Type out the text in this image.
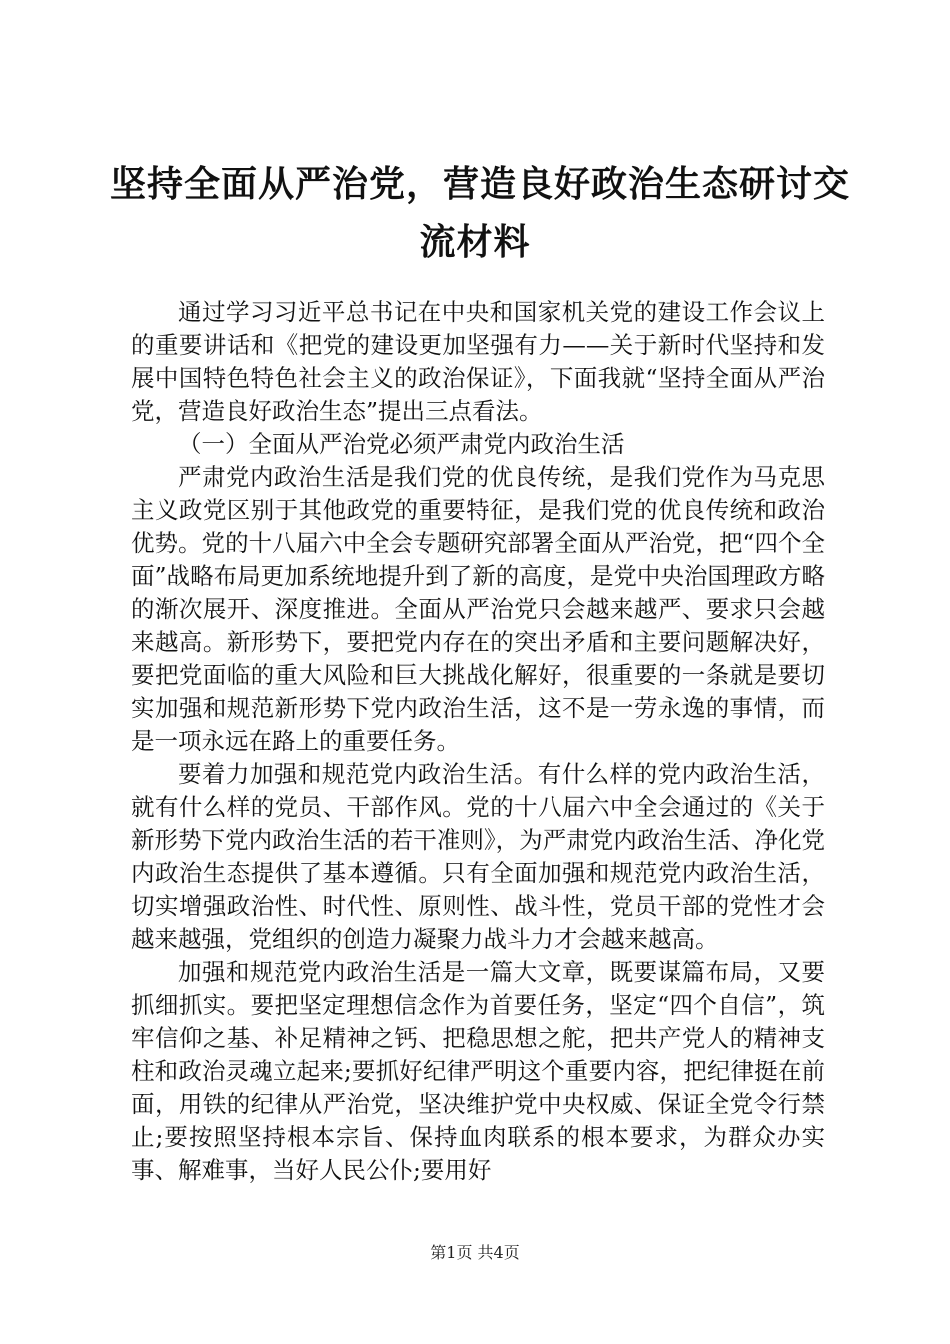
坚持全面从严治党，营造良好政治生态研讨交
流材料

通过学习习近平总书记在中央和国家机关党的建设工作会议上的重要讲话和《把党的建设更加坚强有力——关于新时代坚持和发展中国特色特色社会主义的政治保证》，下面我就“坚持全面从严治党，营造良好政治生态”提出三点看法。

（一）全面从严治党必须严肃党内政治生活

严肃党内政治生活是我们党的优良传统，是我们党作为马克思主义政党区别于其他政党的重要特征，是我们党的优良传统和政治优势。党的十八届六中全会专题研究部署全面从严治党，把“四个全面”战略布局更加系统地提升到了新的高度，是党中央治国理政方略的渐次展开、深度推进。全面从严治党只会越来越严、要求只会越来越高。新形势下，要把党内存在的突出矛盾和主要问题解决好，要把党面临的重大风险和巨大挑战化解好，很重要的一条就是要切实加强和规范新形势下党内政治生活，这不是一劳永逸的事情，而是一项永远在路上的重要任务。

要着力加强和规范党内政治生活。有什么样的党内政治生活，就有什么样的党员、干部作风。党的十八届六中全会通过的《关于新形势下党内政治生活的若干准则》，为严肃党内政治生活、净化党内政治生态提供了基本遵循。只有全面加强和规范党内政治生活，切实增强政治性、时代性、原则性、战斗性，党员干部的党性才会越来越强，党组织的创造力凝聚力战斗力才会越来越高。

加强和规范党内政治生活是一篇大文章，既要谋篇布局，又要抓细抓实。要把坚定理想信念作为首要任务，坚定“四个自信”，筑牢信仰之基、补足精神之钙、把稳思想之舵，把共产党人的精神支柱和政治灵魂立起来;要抓好纪律严明这个重要内容，把纪律挺在前面，用铁的纪律从严治党，坚决维护党中央权威、保证全党令行禁止;要按照坚持根本宗旨、保持血肉联系的根本要求，为群众办实事、解难事，当好人民公仆;要用好

第1页 共4页
